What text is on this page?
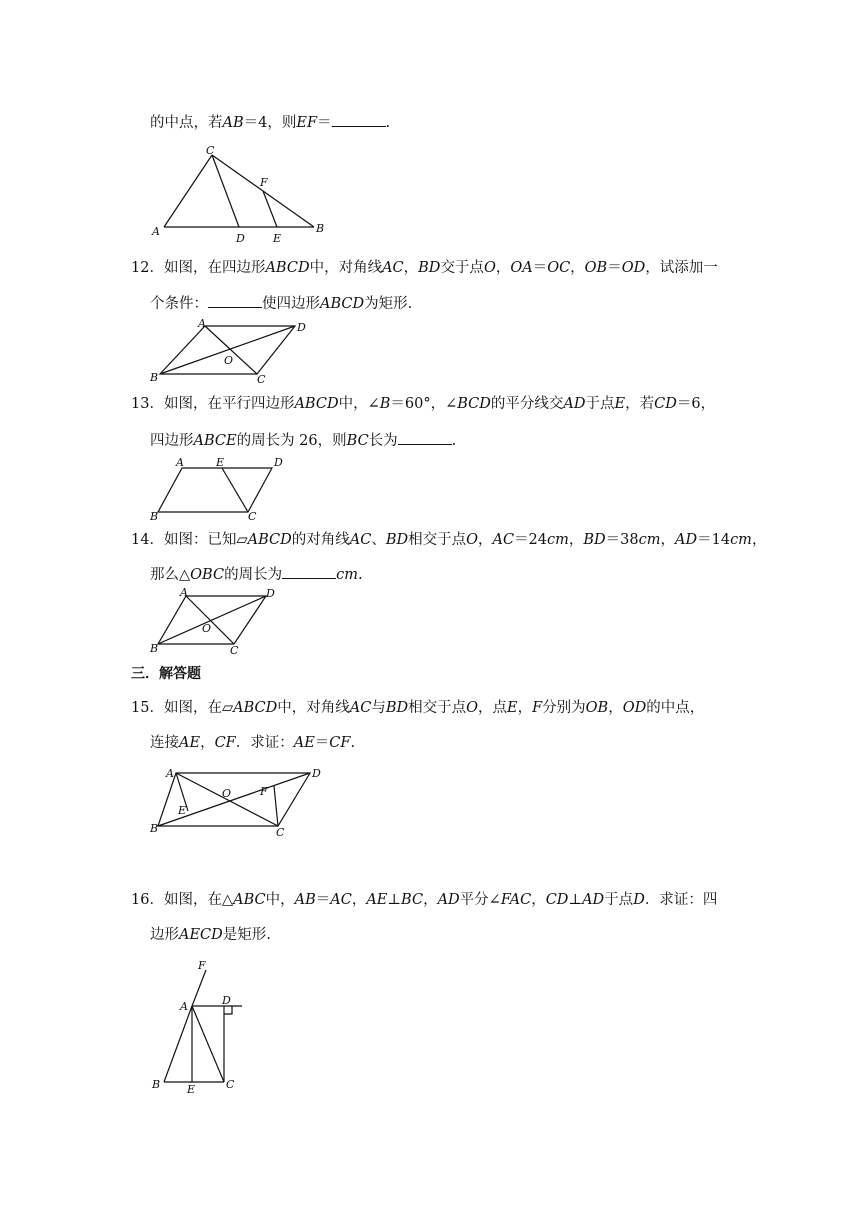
的中点，若AB＝4，则EF＝	.
C
A	B
D	E
F
12．如图，在四边形ABCD中，对角线AC，BD交于点O，OA＝OC，OB＝OD，试添加一
个条件：	使四边形ABCD为矩形.
A	D
B	C
O
13．如图，在平行四边形ABCD中，∠B＝60°，∠BCD的平分线交AD于点E，若CD＝6，
四边形ABCE的周长为 26，则BC长为	.
A	E	D
B	C
14．如图：已知▱ABCD的对角线AC、BD相交于点O，AC＝24cm，BD＝38cm，AD＝14cm，
那么△OBC的周长为	cm.
A	D
B	C
O
三．解答题
15．如图，在▱ABCD中，对角线AC与BD相交于点O，点E，F分别为OB，OD的中点，
连接AE，CF．求证：AE＝CF.
A	D
B	C
E
F
O
16．如图，在△ABC中，AB＝AC，AE⊥BC，AD平分∠FAC，CD⊥AD于点D．求证：四
边形AECD是矩形.
F
A	D
B E	C
